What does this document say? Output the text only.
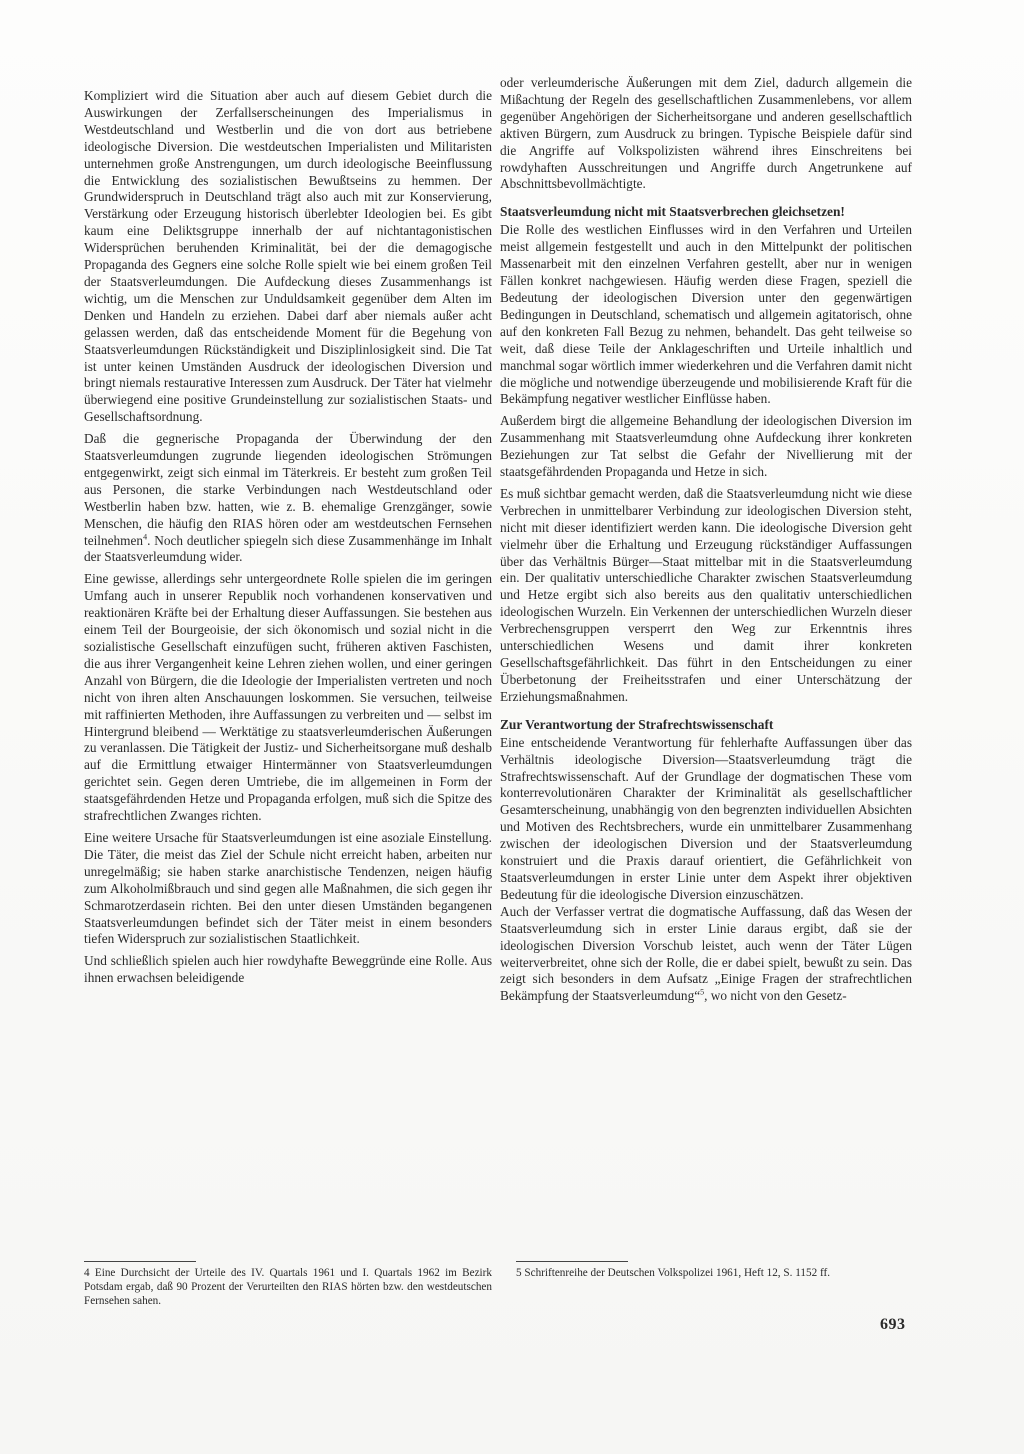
Kompliziert wird die Situation aber auch auf diesem Gebiet durch die Auswirkungen der Zerfallserscheinungen des Imperialismus in Westdeutschland und Westberlin und die von dort aus betriebene ideologische Diversion. Die westdeutschen Imperialisten und Militaristen unternehmen große Anstrengungen, um durch ideologische Beeinflussung die Entwicklung des sozialistischen Bewußtseins zu hemmen. Der Grundwiderspruch in Deutschland trägt also auch mit zur Konservierung, Verstärkung oder Erzeugung historisch überlebter Ideologien bei. Es gibt kaum eine Deliktsgruppe innerhalb der auf nichtantagonistischen Widersprüchen beruhenden Kriminalität, bei der die demagogische Propaganda des Gegners eine solche Rolle spielt wie bei einem großen Teil der Staatsverleumdungen. Die Aufdeckung dieses Zusammenhangs ist wichtig, um die Menschen zur Unduldsamkeit gegenüber dem Alten im Denken und Handeln zu erziehen. Dabei darf aber niemals außer acht gelassen werden, daß das entscheidende Moment für die Begehung von Staatsverleumdungen Rückständigkeit und Disziplinlosigkeit sind. Die Tat ist unter keinen Umständen Ausdruck der ideologischen Diversion und bringt niemals restaurative Interessen zum Ausdruck. Der Täter hat vielmehr überwiegend eine positive Grundeinstellung zur sozialistischen Staats- und Gesellschaftsordnung.

Daß die gegnerische Propaganda der Überwindung der den Staatsverleumdungen zugrunde liegenden ideologischen Strömungen entgegenwirkt, zeigt sich einmal im Täterkreis. Er besteht zum großen Teil aus Personen, die starke Verbindungen nach Westdeutschland oder Westberlin haben bzw. hatten, wie z. B. ehemalige Grenzgänger, sowie Menschen, die häufig den RIAS hören oder am westdeutschen Fernsehen teilnehmen$^4$. Noch deutlicher spiegeln sich diese Zusammenhänge im Inhalt der Staatsverleumdung wider.

Eine gewisse, allerdings sehr untergeordnete Rolle spielen die im geringen Umfang auch in unserer Republik noch vorhandenen konservativen und reaktionären Kräfte bei der Erhaltung dieser Auffassungen. Sie bestehen aus einem Teil der Bourgeoisie, der sich ökonomisch und sozial nicht in die sozialistische Gesellschaft einzufügen sucht, früheren aktiven Faschisten, die aus ihrer Vergangenheit keine Lehren ziehen wollen, und einer geringen Anzahl von Bürgern, die die Ideologie der Imperialisten vertreten und noch nicht von ihren alten Anschauungen loskommen. Sie versuchen, teilweise mit raffinierten Methoden, ihre Auffassungen zu verbreiten und — selbst im Hintergrund bleibend — Werktätige zu staatsverleumderischen Äußerungen zu veranlassen. Die Tätigkeit der Justiz- und Sicherheitsorgane muß deshalb auf die Ermittlung etwaiger Hintermänner von Staatsverleumdungen gerichtet sein. Gegen deren Umtriebe, die im allgemeinen in Form der staatsgefährdenden Hetze und Propaganda erfolgen, muß sich die Spitze des strafrechtlichen Zwanges richten.

Eine weitere Ursache für Staatsverleumdungen ist eine asoziale Einstellung. Die Täter, die meist das Ziel der Schule nicht erreicht haben, arbeiten nur unregelmäßig; sie haben starke anarchistische Tendenzen, neigen häufig zum Alkoholmißbrauch und sind gegen alle Maßnahmen, die sich gegen ihr Schmarotzerdasein richten. Bei den unter diesen Umständen begangenen Staatsverleumdungen befindet sich der Täter meist in einem besonders tiefen Widerspruch zur sozialistischen Staatlichkeit.

Und schließlich spielen auch hier rowdyhafte Beweggründe eine Rolle. Aus ihnen erwachsen beleidigende

oder verleumderische Äußerungen mit dem Ziel, dadurch allgemein die Mißachtung der Regeln des gesellschaftlichen Zusammenlebens, vor allem gegenüber Angehörigen der Sicherheitsorgane und anderen gesellschaftlich aktiven Bürgern, zum Ausdruck zu bringen. Typische Beispiele dafür sind die Angriffe auf Volkspolizisten während ihres Einschreitens bei rowdyhaften Ausschreitungen und Angriffe durch Angetrunkene auf Abschnittsbevollmächtigte.

Staatsverleumdung nicht mit Staatsverbrechen gleichsetzen!

Die Rolle des westlichen Einflusses wird in den Verfahren und Urteilen meist allgemein festgestellt und auch in den Mittelpunkt der politischen Massenarbeit mit den einzelnen Verfahren gestellt, aber nur in wenigen Fällen konkret nachgewiesen. Häufig werden diese Fragen, speziell die Bedeutung der ideologischen Diversion unter den gegenwärtigen Bedingungen in Deutschland, schematisch und allgemein agitatorisch, ohne auf den konkreten Fall Bezug zu nehmen, behandelt. Das geht teilweise so weit, daß diese Teile der Anklageschriften und Urteile inhaltlich und manchmal sogar wörtlich immer wiederkehren und die Verfahren damit nicht die mögliche und notwendige überzeugende und mobilisierende Kraft für die Bekämpfung negativer westlicher Einflüsse haben.

Außerdem birgt die allgemeine Behandlung der ideologischen Diversion im Zusammenhang mit Staatsverleumdung ohne Aufdeckung ihrer konkreten Beziehungen zur Tat selbst die Gefahr der Nivellierung mit der staatsgefährdenden Propaganda und Hetze in sich.

Es muß sichtbar gemacht werden, daß die Staatsverleumdung nicht wie diese Verbrechen in unmittelbarer Verbindung zur ideologischen Diversion steht, nicht mit dieser identifiziert werden kann. Die ideologische Diversion geht vielmehr über die Erhaltung und Erzeugung rückständiger Auffassungen über das Verhältnis Bürger—Staat mittelbar mit in die Staatsverleumdung ein. Der qualitativ unterschiedliche Charakter zwischen Staatsverleumdung und Hetze ergibt sich also bereits aus den qualitativ unterschiedlichen ideologischen Wurzeln. Ein Verkennen der unterschiedlichen Wurzeln dieser Verbrechensgruppen versperrt den Weg zur Erkenntnis ihres unterschiedlichen Wesens und damit ihrer konkreten Gesellschaftsgefährlichkeit. Das führt in den Entscheidungen zu einer Überbetonung der Freiheitsstrafen und einer Unterschätzung der Erziehungsmaßnahmen.

Zur Verantwortung der Strafrechtswissenschaft

Eine entscheidende Verantwortung für fehlerhafte Auffassungen über das Verhältnis ideologische Diversion—Staatsverleumdung trägt die Strafrechtswissenschaft. Auf der Grundlage der dogmatischen These vom konterrevolutionären Charakter der Kriminalität als gesellschaftlicher Gesamterscheinung, unabhängig von den begrenzten individuellen Absichten und Motiven des Rechtsbrechers, wurde ein unmittelbarer Zusammenhang zwischen der ideologischen Diversion und der Staatsverleumdung konstruiert und die Praxis darauf orientiert, die Gefährlichkeit von Staatsverleumdungen in erster Linie unter dem Aspekt ihrer objektiven Bedeutung für die ideologische Diversion einzuschätzen.

Auch der Verfasser vertrat die dogmatische Auffassung, daß das Wesen der Staatsverleumdung sich in erster Linie daraus ergibt, daß sie der ideologischen Diversion Vorschub leistet, auch wenn der Täter Lügen weiterverbreitet, ohne sich der Rolle, die er dabei spielt, bewußt zu sein. Das zeigt sich besonders in dem Aufsatz „Einige Fragen der strafrechtlichen Bekämpfung der Staatsverleumdung“$^5$, wo nicht von den Gesetz-

4 Eine Durchsicht der Urteile des IV. Quartals 1961 und I. Quartals 1962 im Bezirk Potsdam ergab, daß 90 Prozent der Verurteilten den RIAS hörten bzw. den westdeutschen Fernsehen sahen.
5 Schriftenreihe der Deutschen Volkspolizei 1961, Heft 12, S. 1152 ff.
693
